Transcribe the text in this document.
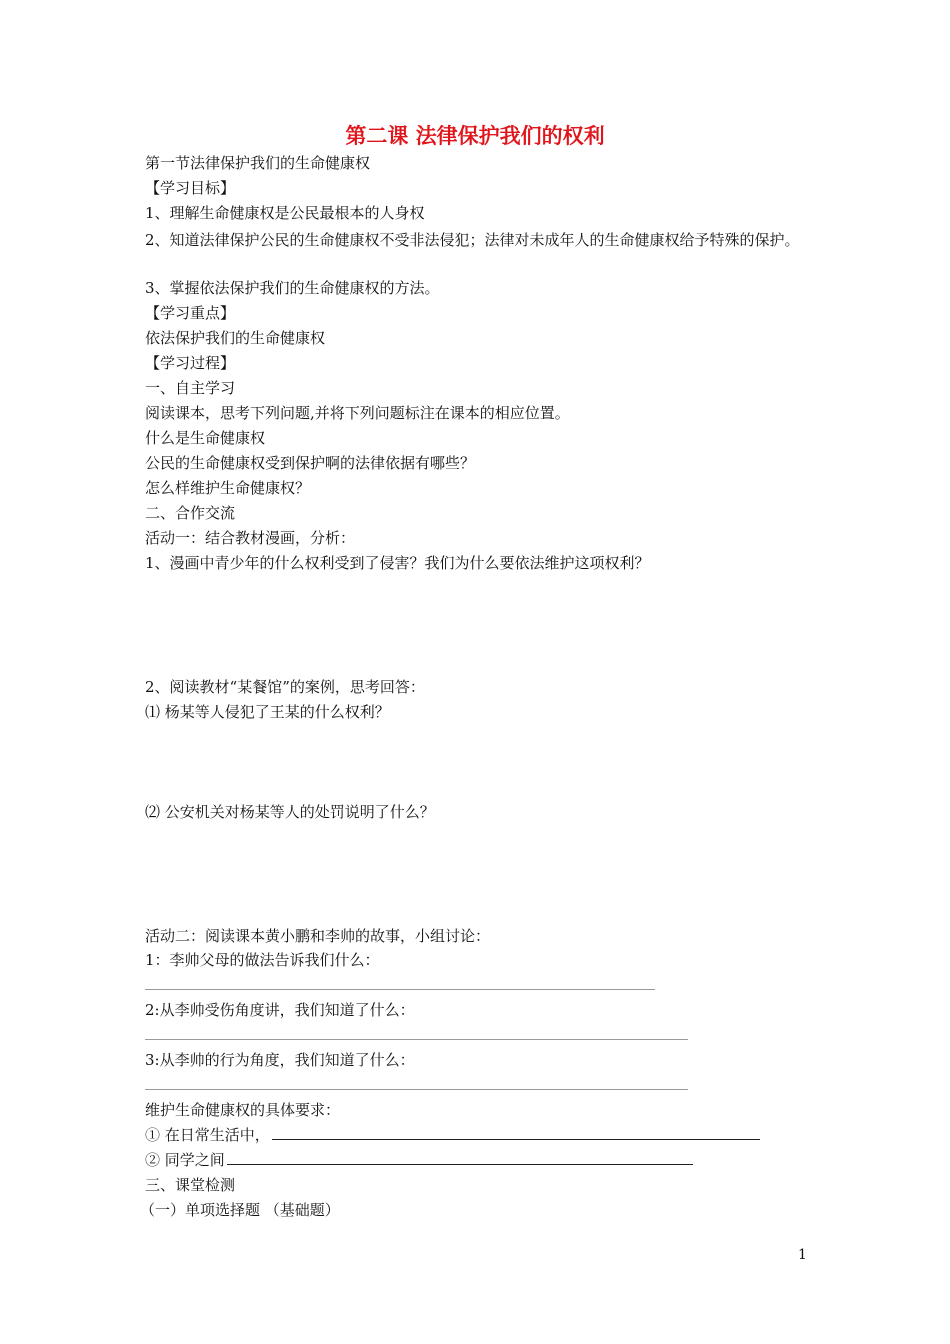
第二课 法律保护我们的权利
第一节法律保护我们的生命健康权
【学习目标】
1、理解生命健康权是公民最根本的人身权
2、知道法律保护公民的生命健康权不受非法侵犯；法律对未成年人的生命健康权给予特殊的保护。
3、掌握依法保护我们的生命健康权的方法。
【学习重点】
依法保护我们的生命健康权
【学习过程】
一、自主学习
阅读课本，思考下列问题,并将下列问题标注在课本的相应位置。
什么是生命健康权
公民的生命健康权受到保护啊的法律依据有哪些？
怎么样维护生命健康权？
二、合作交流
活动一：结合教材漫画，分析：
1、漫画中青少年的什么权利受到了侵害？我们为什么要依法维护这项权利？
2、阅读教材“某餐馆”的案例，思考回答：
⑴ 杨某等人侵犯了王某的什么权利？
⑵ 公安机关对杨某等人的处罚说明了什么？
活动二：阅读课本黄小鹏和李帅的故事，小组讨论：
1：李帅父母的做法告诉我们什么：
2:从李帅受伤角度讲，我们知道了什么：
3:从李帅的行为角度，我们知道了什么：
维护生命健康权的具体要求：
① 在日常生活中，
② 同学之间
三、课堂检测
（一）单项选择题 （基础题）
1
